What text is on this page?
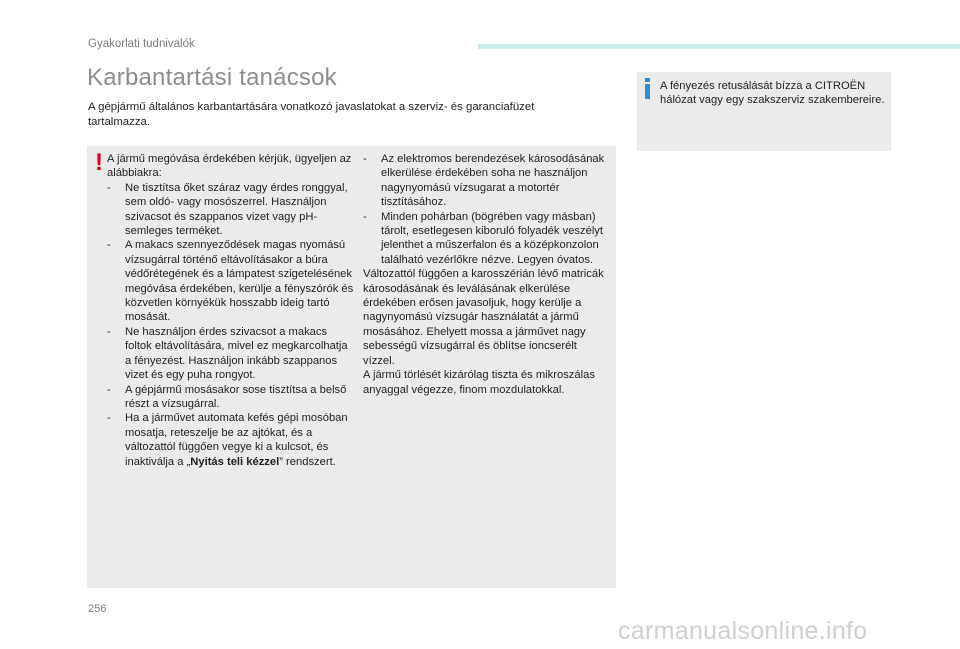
Gyakorlati tudnivalók
Karbantartási tanácsok

A gépjármű általános karbantartására vonatkozó javaslatokat a szerviz- és garanciafüzet tartalmazza.

A fényezés retusálását bízza a CITROËN hálózat vagy egy szakszerviz szakembereire.

! A jármű megóvása érdekében kérjük, ügyeljen az alábbiakra:

- Ne tisztítsa őket száraz vagy érdes ronggyal, sem oldó- vagy mosószerrel. Használjon szivacsot és szappanos vizet vagy pH-semleges terméket.

- A makacs szennyeződések magas nyomású vízsugárral történő eltávolításakor a búra védőrétegének és a lámpatest szigetelésének megóvása érdekében, kerülje a fényszórók és közvetlen környékük hosszabb ideig tartó mosását.

- Ne használjon érdes szivacsot a makacs foltok eltávolítására, mivel ez megkarcolhatja a fényezést. Használjon inkább szappanos vizet és egy puha rongyot.

- A gépjármű mosásakor sose tisztítsa a belső részt a vízsugárral.

- Ha a járművet automata kefés gépi mosóban mosatja, reteszelje be az ajtókat, és a változattól függően vegye ki a kulcsot, és inaktiválja a „Nyitás teli kézzel” rendszert.

- Az elektromos berendezések károsodásának elkerülése érdekében soha ne használjon nagynyomású vízsugarat a motortér tisztításához.

- Minden pohárban (bögrében vagy másban) tárolt, esetlegesen kiboruló folyadék veszélyt jelenthet a műszerfalon és a középkonzolon található vezérlőkre nézve. Legyen óvatos.

Változattól függően a karosszérián lévő matricák károsodásának és leválásának elkerülése érdekében erősen javasoljuk, hogy kerülje a nagynyomású vízsugár használatát a jármű mosásához. Ehelyett mossa a járművet nagy sebességű vízsugárral és öblítse ioncserélt vízzel.

A jármű törlését kizárólag tiszta és mikroszálas anyaggal végezze, finom mozdulatokkal.

256
carmanualsonline.info
